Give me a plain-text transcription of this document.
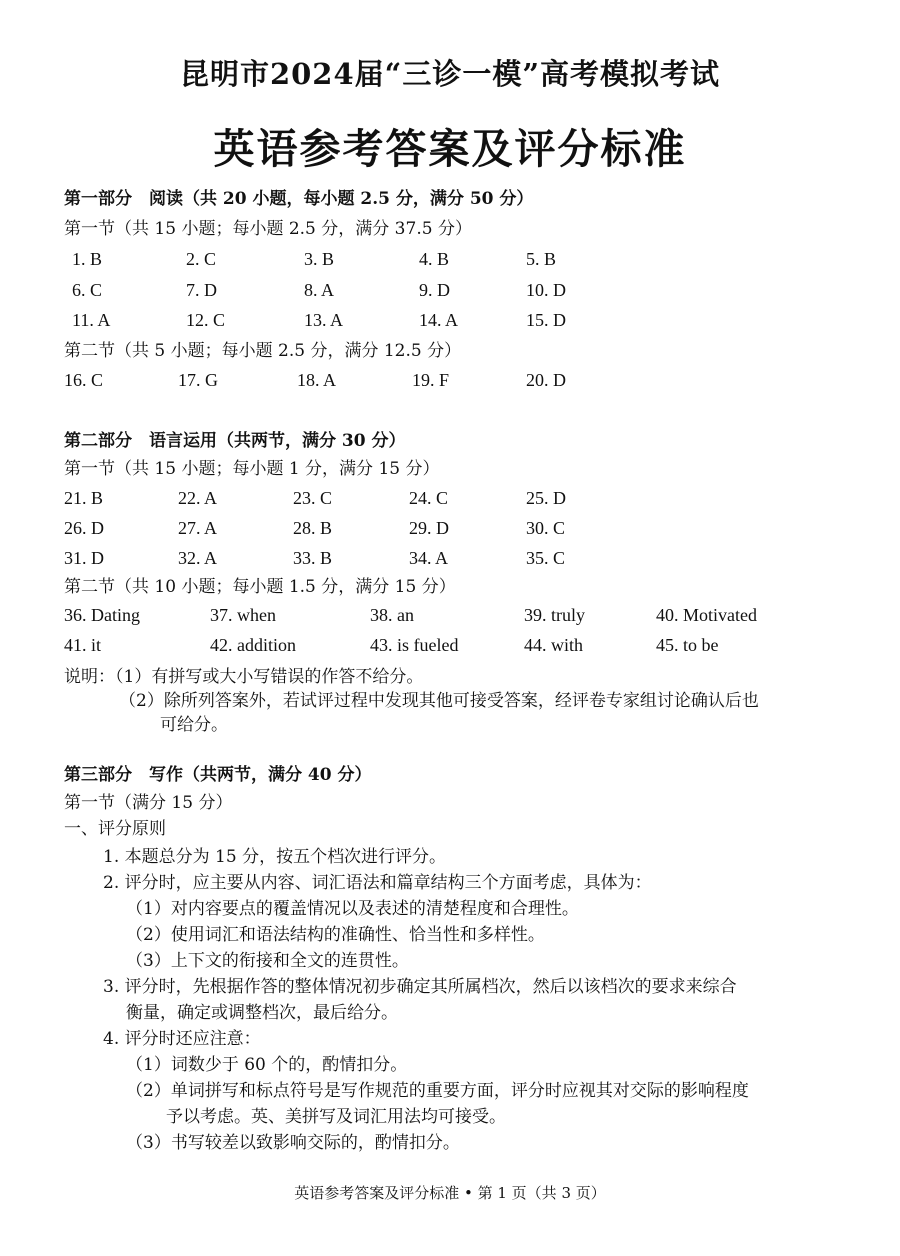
昆明市2024届“三诊一模”高考模拟考试
英语参考答案及评分标准
第一部分　阅读（共 20 小题，每小题 2.5 分，满分 50 分）
第一节（共 15 小题；每小题 2.5 分，满分 37.5 分）
1. B	2. C	3. B	4. B	5. B
6. C	7. D	8. A	9. D	10. D
11. A	12. C	13. A	14. A	15. D
第二节（共 5 小题；每小题 2.5 分，满分 12.5 分）
16. C	17. G	18. A	19. F	20. D
第二部分　语言运用（共两节，满分 30 分）
第一节（共 15 小题；每小题 1 分，满分 15 分）
21. B	22. A	23. C	24. C	25. D
26. D	27. A	28. B	29. D	30. C
31. D	32. A	33. B	34. A	35. C
第二节（共 10 小题；每小题 1.5 分，满分 15 分）
36. Dating	37. when	38. an	39. truly	40. Motivated
41. it	42. addition	43. is fueled	44. with	45. to be
说明：（1）有拼写或大小写错误的作答不给分。
（2）除所列答案外，若试评过程中发现其他可接受答案，经评卷专家组讨论确认后也
可给分。
第三部分　写作（共两节，满分 40 分）
第一节（满分 15 分）
一、评分原则
1. 本题总分为 15 分，按五个档次进行评分。
2. 评分时，应主要从内容、词汇语法和篇章结构三个方面考虑，具体为：
（1）对内容要点的覆盖情况以及表述的清楚程度和合理性。
（2）使用词汇和语法结构的准确性、恰当性和多样性。
（3）上下文的衔接和全文的连贯性。
3. 评分时，先根据作答的整体情况初步确定其所属档次，然后以该档次的要求来综合
衡量，确定或调整档次，最后给分。
4. 评分时还应注意：
（1）词数少于 60 个的，酌情扣分。
（2）单词拼写和标点符号是写作规范的重要方面，评分时应视其对交际的影响程度
予以考虑。英、美拼写及词汇用法均可接受。
（3）书写较差以致影响交际的，酌情扣分。
英语参考答案及评分标准 • 第 1 页（共 3 页）
